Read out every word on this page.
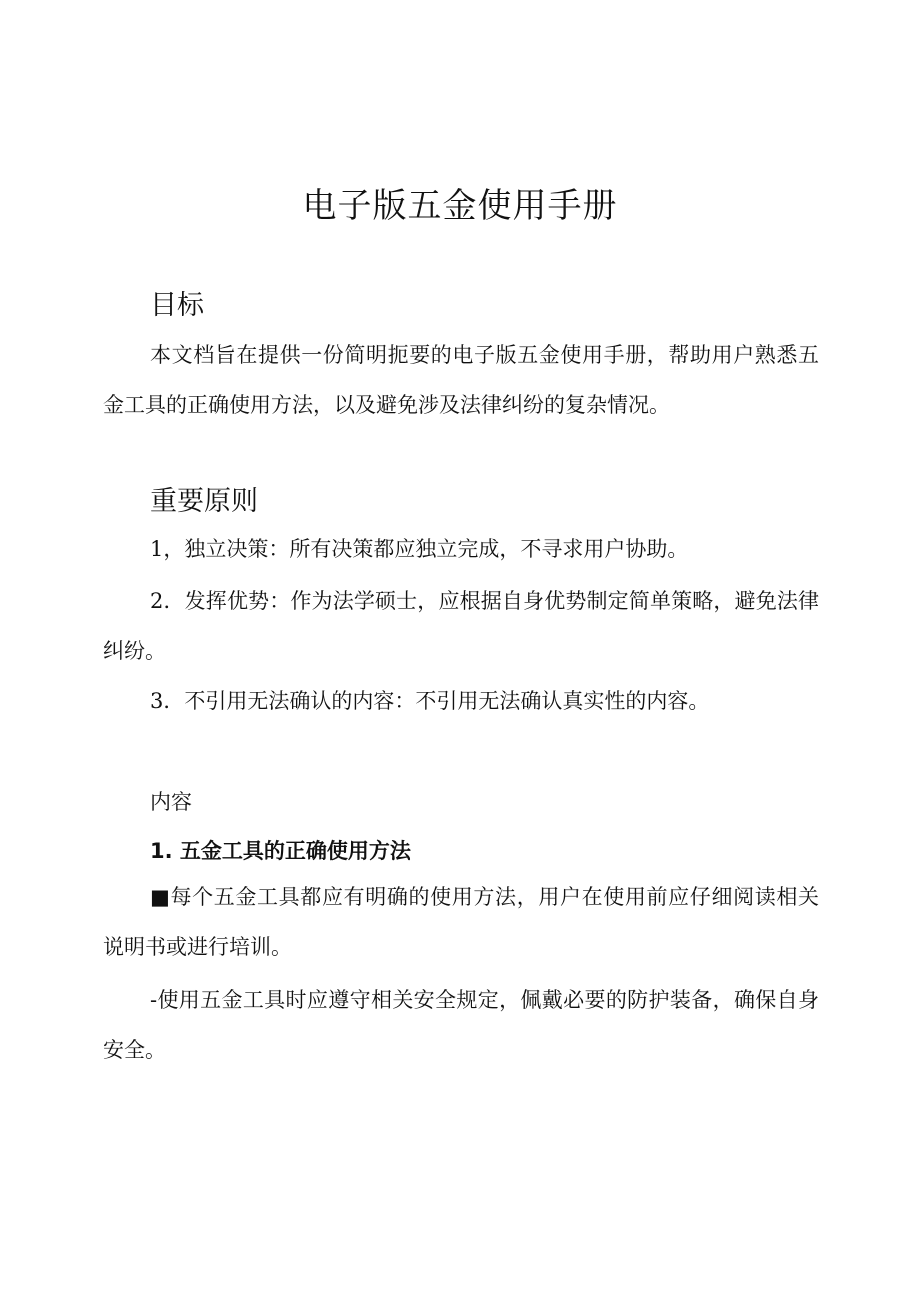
电子版五金使用手册
目标

本文档旨在提供一份简明扼要的电子版五金使用手册，帮助用户熟悉五金工具的正确使用方法，以及避免涉及法律纠纷的复杂情况。

重要原则

1，独立决策：所有决策都应独立完成，不寻求用户协助。

2．发挥优势：作为法学硕士，应根据自身优势制定简单策略，避免法律纠纷。

3．不引用无法确认的内容：不引用无法确认真实性的内容。

内容

1. 五金工具的正确使用方法

■每个五金工具都应有明确的使用方法，用户在使用前应仔细阅读相关说明书或进行培训。

-使用五金工具时应遵守相关安全规定，佩戴必要的防护装备，确保自身安全。
